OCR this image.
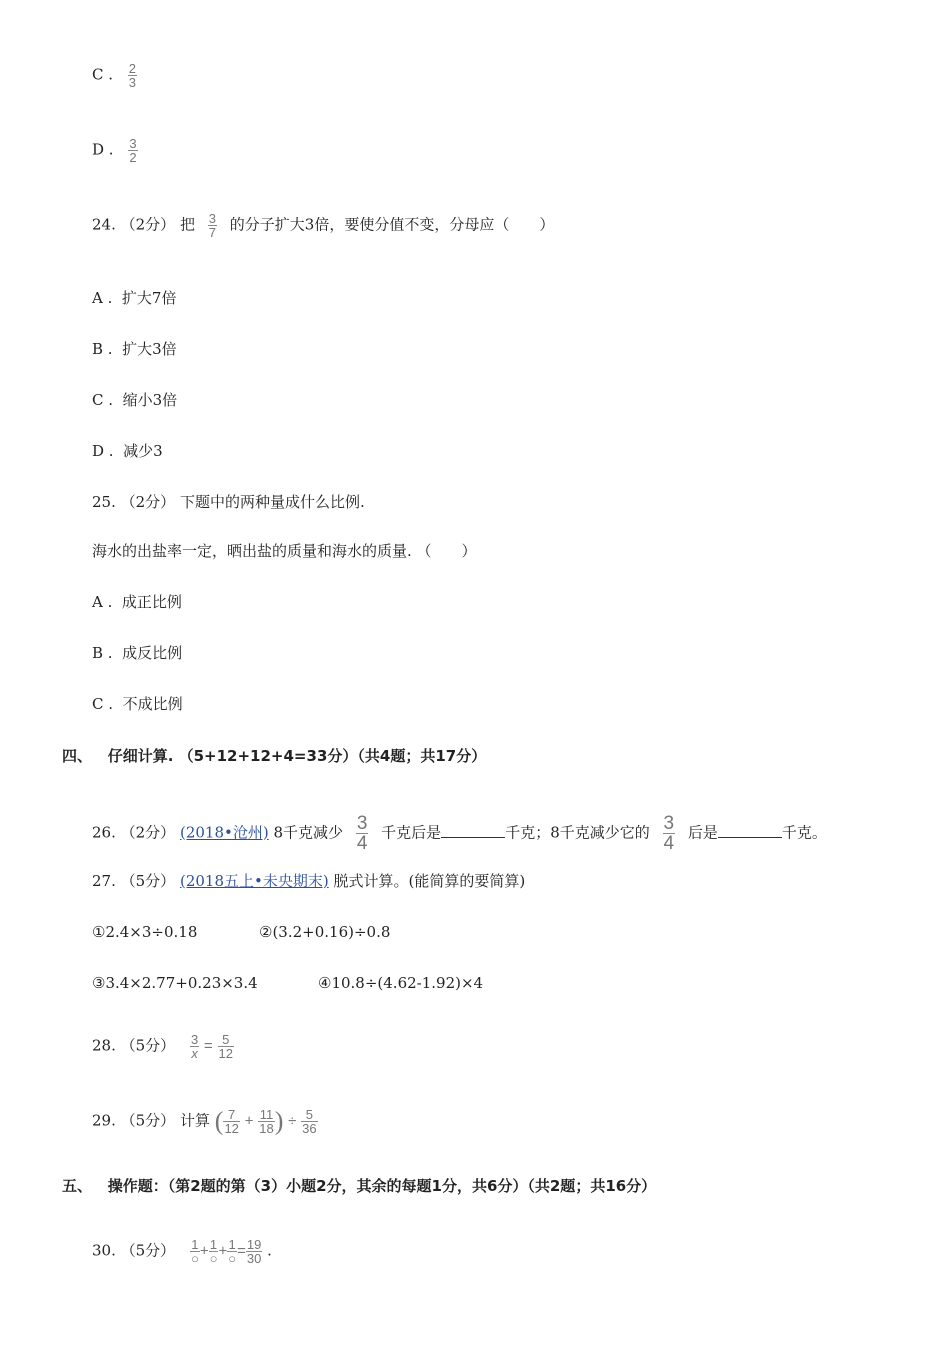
C . $\frac{2}{3}$
D . $\frac{3}{2}$
24. （2分） 把 $\frac{3}{7}$ 的分子扩大3倍，要使分值不变，分母应（　　）
A . 扩大7倍
B . 扩大3倍
C . 缩小3倍
D . 减少3
25. （2分） 下题中的两种量成什么比例.
海水的出盐率一定，晒出盐的质量和海水的质量. （　　）
A . 成正比例
B . 成反比例
C . 不成比例
四、 仔细计算. （5+12+12+4=33分）（共4题；共17分）
26. （2分） (2018•沧州) 8千克减少 $\frac{3}{4}$ 千克后是	千克；8千克减少它的 $\frac{3}{4}$ 后是	千克。
27. （5分） (2018五上•未央期末) 脱式计算。(能简算的要简算)
①2.4×3÷0.18	②(3.2+0.16)÷0.8
③3.4×2.77+0.23×3.4	④10.8÷(4.62-1.92)×4
28. （5分） $\frac{3}{x} = \frac{5}{12}$
29. （5分） 计算 ( $\frac{7}{12} + \frac{11}{18}$ ) ÷ $\frac{5}{36}$
五、 操作题：（第2题的第（3）小题2分，其余的每题1分，共6分）（共2题；共16分）
30. （5分） $\frac{1}{○} + \frac{1}{○} + \frac{1}{○} = \frac{19}{30}$ .
